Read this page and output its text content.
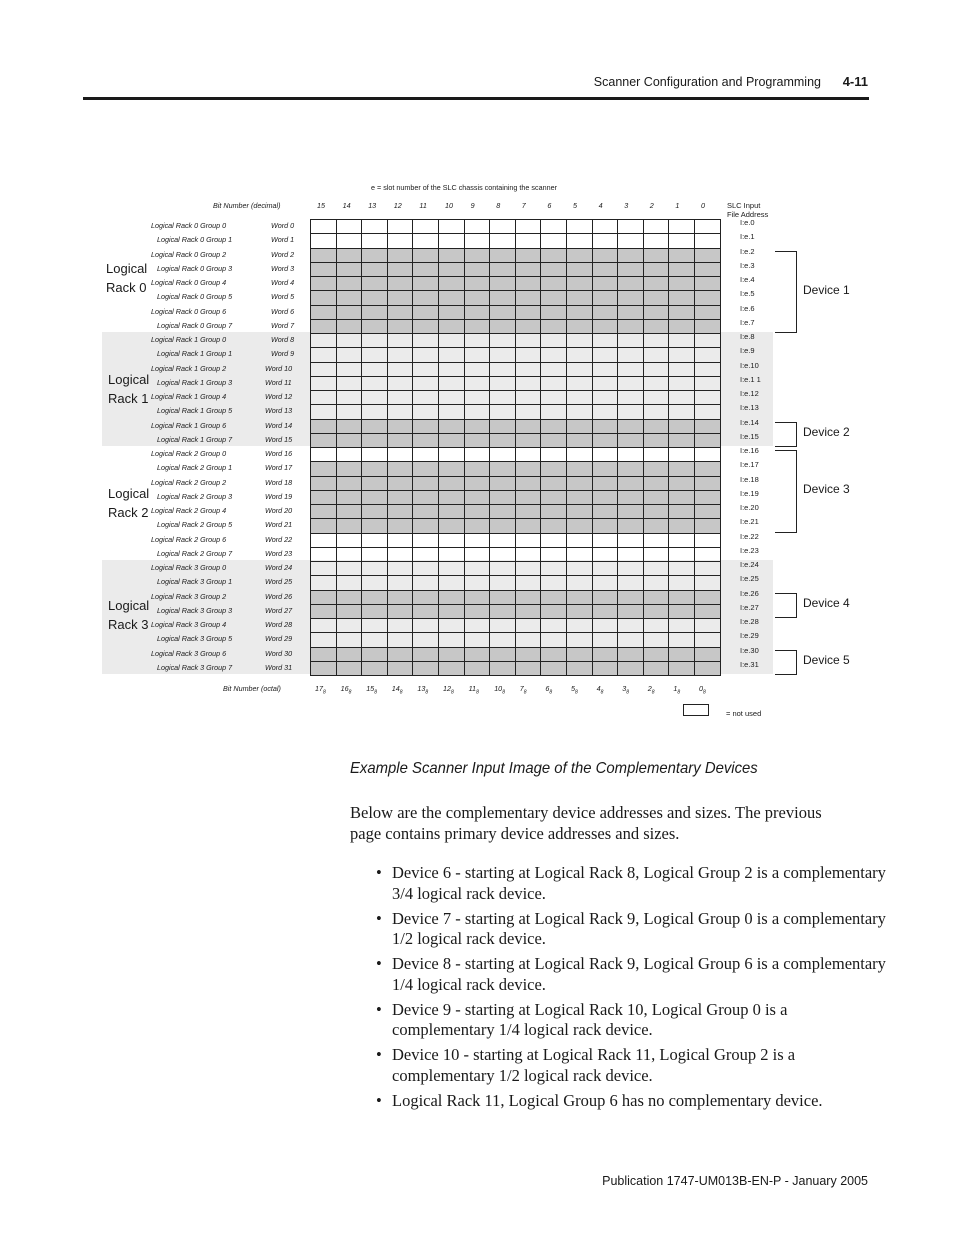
Scanner Configuration and Programming 4-11
e = slot number of the SLC chassis containing the scanner
Bit Number (decimal)	SLC Input
File Address
Bit Number (octal)
15 14 13 12 11	10 9	8	7	6	5	4	3	2	1	0
$17_8$ $16_8$ $15_8$ $14_8$ $13_8$ $12_8$ $11_8$ $10_8$ $7_8$	$6_8$	$5_8$	$4_8$	$3_8$	$2_8$	$1_8$	$0_8$
Logical Rack 0 Group 0	Word 0	I:e.0
Logical Rack 0 Group 1	Word 1	I:e.1
Logical Rack 0 Group 2	Word 2	I:e.2
Logical Rack 0 Group 3	Word 3	I:e.3
Logical Rack 0 Group 4	Word 4	I:e.4
Logical Rack 0 Group 5	Word 5	I:e.5
Logical Rack 0 Group 6	Word 6	I:e.6
Logical Rack 0 Group 7	Word 7	I:e.7
Logical Rack 1 Group 0	Word 8	I:e.8
Logical Rack 1 Group 1	Word 9	I:e.9
Logical Rack 1 Group 2	Word 10	I:e.10
Logical Rack 1 Group 3	Word 11	I:e.1 1
Logical Rack 1 Group 4	Word 12	I:e.12
Logical Rack 1 Group 5	Word 13	I:e.13
Logical Rack 1 Group 6	Word 14	I:e.14
Logical Rack 1 Group 7	Word 15	I:e.15
Logical Rack 2 Group 0	Word 16	I:e.16
Logical Rack 2 Group 1	Word 17	I:e.17
Logical Rack 2 Group 2	Word 18	I:e.18
Logical Rack 2 Group 3	Word 19	I:e.19
Logical Rack 2 Group 4	Word 20	I:e.20
Logical Rack 2 Group 5	Word 21	I:e.21
Logical Rack 2 Group 6	Word 22	I:e.22
Logical Rack 2 Group 7	Word 23	I:e.23
Logical Rack 3 Group 0	Word 24	I:e.24
Logical Rack 3 Group 1	Word 25	I:e.25
Logical Rack 3 Group 2	Word 26	I:e.26
Logical Rack 3 Group 3	Word 27	I:e.27
Logical Rack 3 Group 4	Word 28	I:e.28
Logical Rack 3 Group 5	Word 29	I:e.29
Logical Rack 3 Group 6	Word 30	I:e.30
Logical Rack 3 Group 7	Word 31	I:e.31
Logical
Rack 0
Logical
Rack 1
Logical
Rack 2
Logical
Rack 3
Device 1
Device 2
Device 3
Device 4
Device 5
= not used
Example Scanner Input Image of the Complementary Devices
Below are the complementary device addresses and sizes. The previous page contains primary device addresses and sizes.
• Device 6 - starting at Logical Rack 8, Logical Group 2 is a complementary 3/4 logical rack device.
• Device 7 - starting at Logical Rack 9, Logical Group 0 is a complementary 1/2 logical rack device.
• Device 8 - starting at Logical Rack 9, Logical Group 6 is a complementary 1/4 logical rack device.
• Device 9 - starting at Logical Rack 10, Logical Group 0 is a complementary 1/4 logical rack device.
• Device 10 - starting at Logical Rack 11, Logical Group 2 is a complementary 1/2 logical rack device.
• Logical Rack 11, Logical Group 6 has no complementary device.
Publication 1747-UM013B-EN-P - January 2005
